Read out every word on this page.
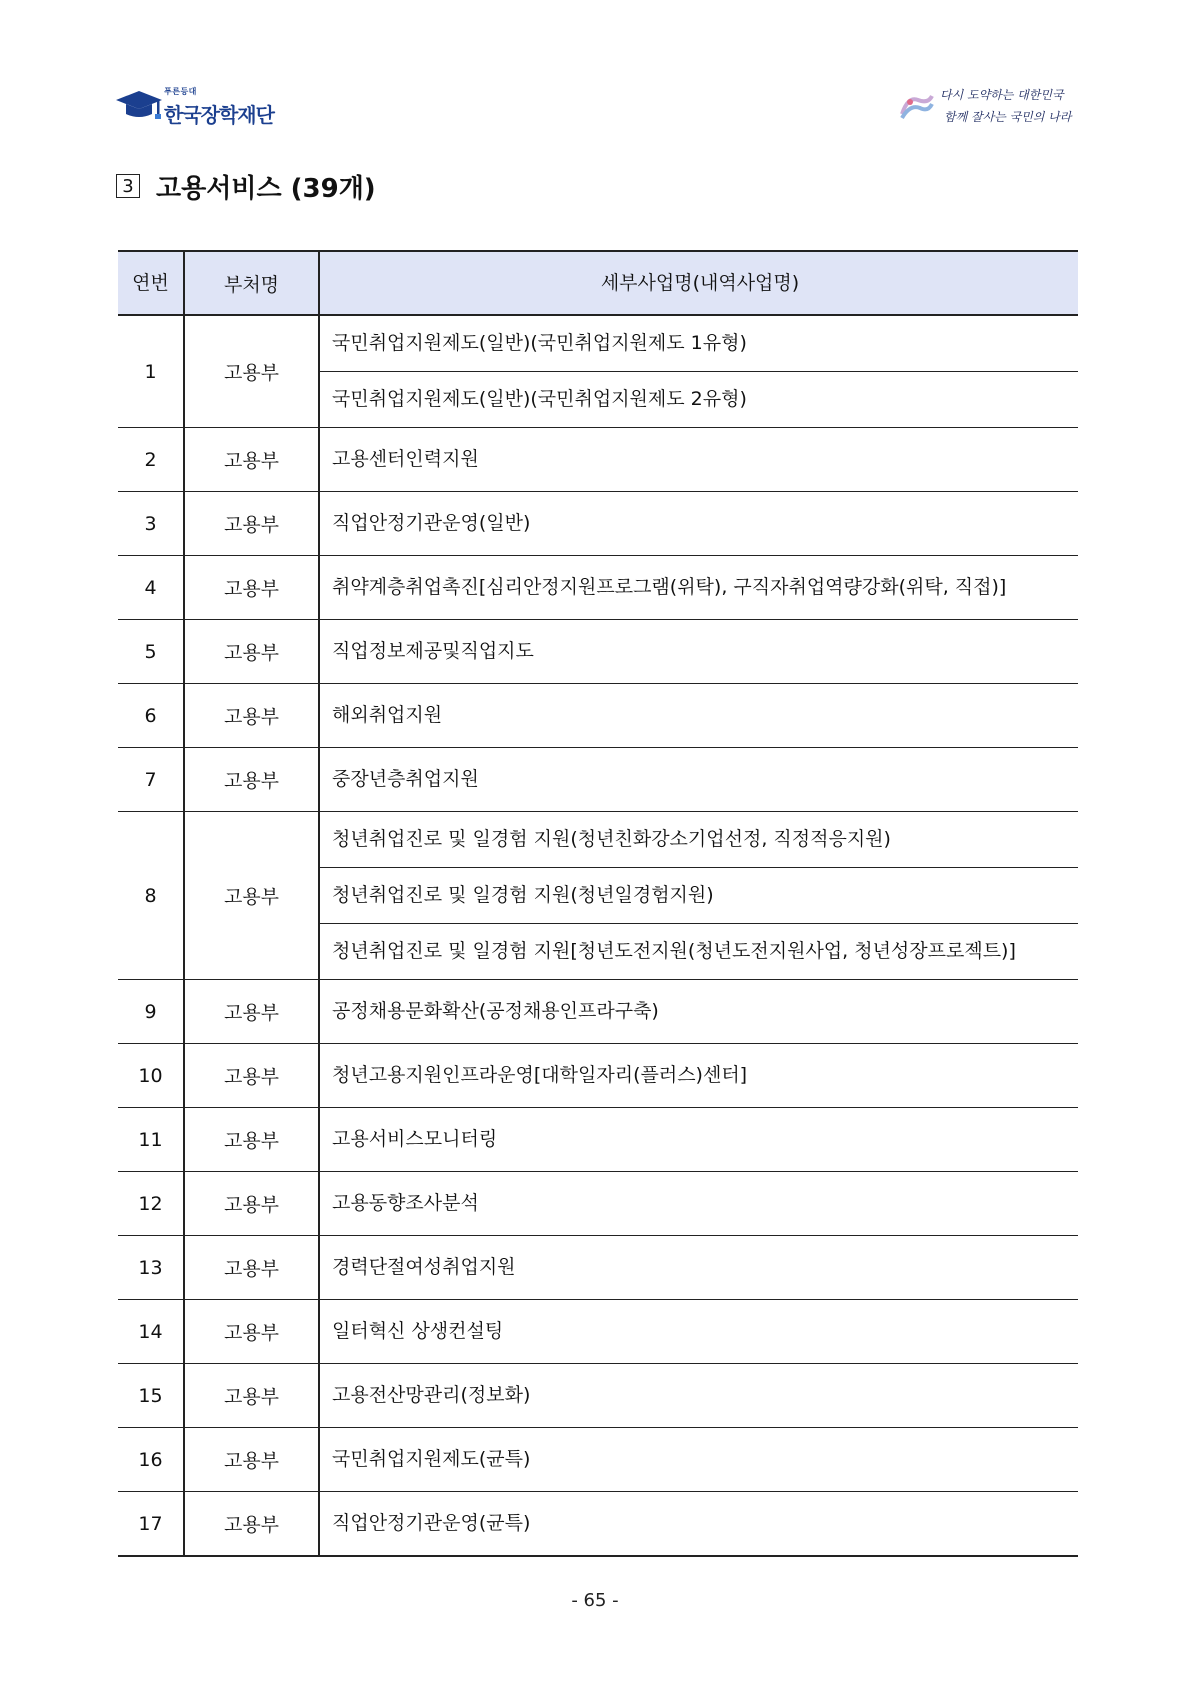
푸른등대
한국장학재단
다시 도약하는 대한민국
함께 잘사는 국민의 나라
3 고용서비스 (39개)
연번	부처명	세부사업명(내역사업명)
1	고용부	국민취업지원제도(일반)(국민취업지원제도 1유형)
		국민취업지원제도(일반)(국민취업지원제도 2유형)
2	고용부	고용센터인력지원
3	고용부	직업안정기관운영(일반)
4	고용부	취약계층취업촉진[심리안정지원프로그램(위탁), 구직자취업역량강화(위탁, 직접)]
5	고용부	직업정보제공및직업지도
6	고용부	해외취업지원
7	고용부	중장년층취업지원
8	고용부	청년취업진로 및 일경험 지원(청년친화강소기업선정, 직정적응지원)
		청년취업진로 및 일경험 지원(청년일경험지원)
		청년취업진로 및 일경험 지원[청년도전지원(청년도전지원사업, 청년성장프로젝트)]
9	고용부	공정채용문화확산(공정채용인프라구축)
10	고용부	청년고용지원인프라운영[대학일자리(플러스)센터]
11	고용부	고용서비스모니터링
12	고용부	고용동향조사분석
13	고용부	경력단절여성취업지원
14	고용부	일터혁신 상생컨설팅
15	고용부	고용전산망관리(정보화)
16	고용부	국민취업지원제도(균특)
17	고용부	직업안정기관운영(균특)
- 65 -
